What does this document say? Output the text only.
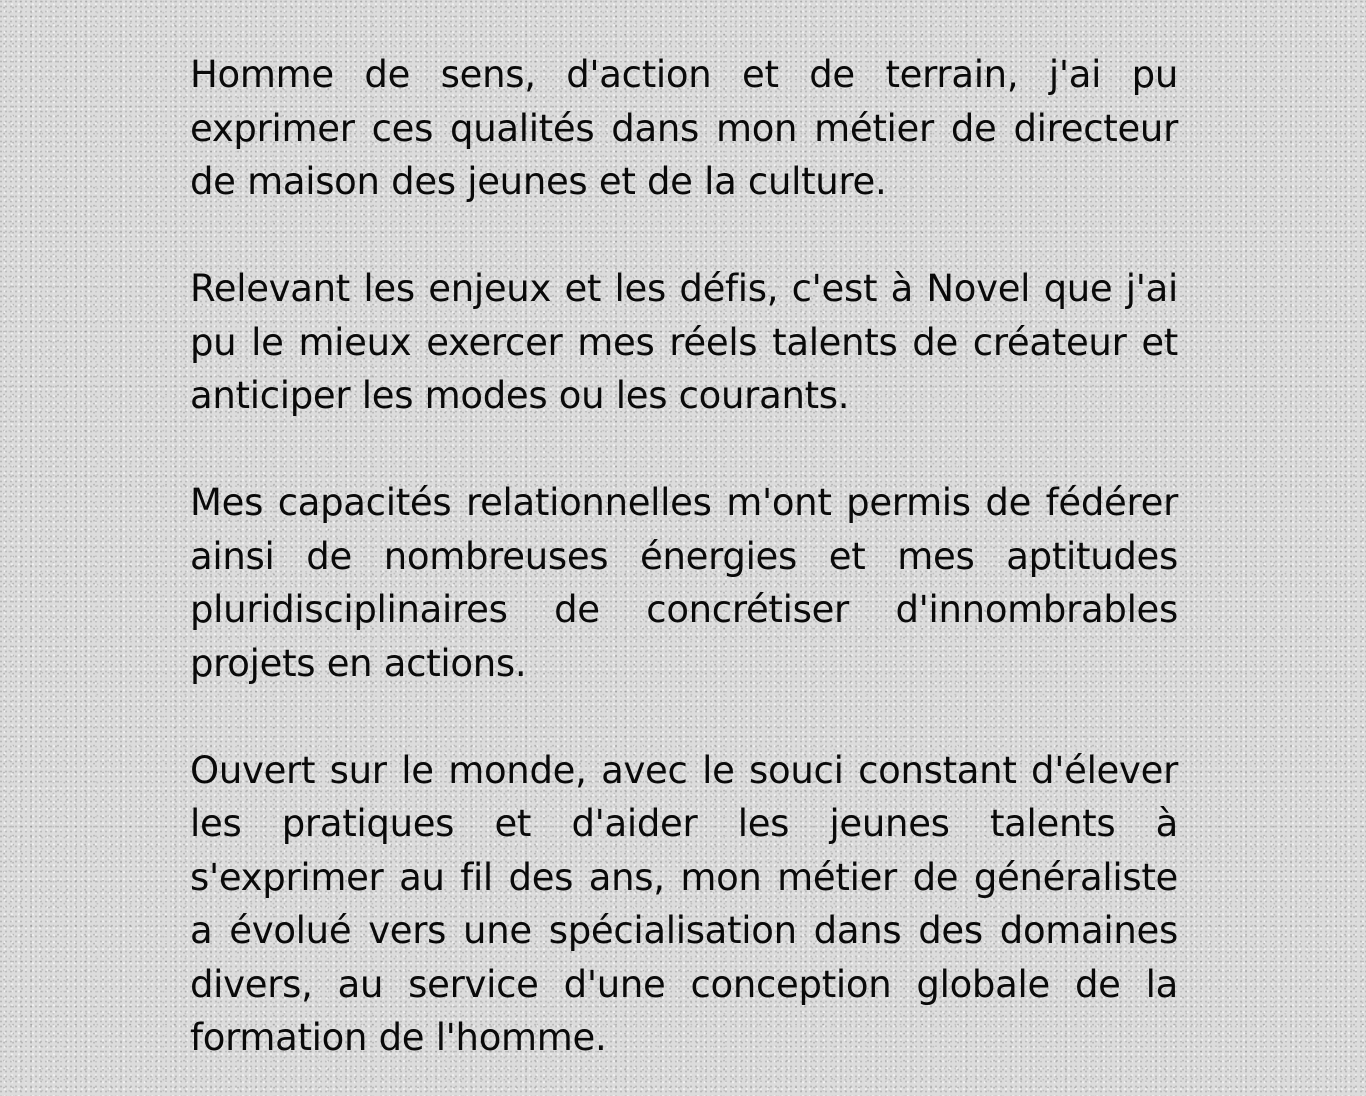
Homme de sens, d'action et de terrain, j'ai pu exprimer ces qualités dans mon métier de directeur de maison des jeunes et de la culture.

Relevant les enjeux et les défis, c'est à Novel que j'ai pu le mieux exercer mes réels talents de créateur et anticiper les modes ou les courants.

Mes capacités relationnelles m'ont permis de fédérer ainsi de nombreuses énergies et mes aptitudes pluridisciplinaires de concrétiser d'innombrables projets en actions.

Ouvert sur le monde, avec le souci constant d'élever les pratiques et d'aider les jeunes talents à s'exprimer au fil des ans, mon métier de généraliste a évolué vers une spécialisation dans des domaines divers, au service d'une conception globale de la formation de l'homme.
